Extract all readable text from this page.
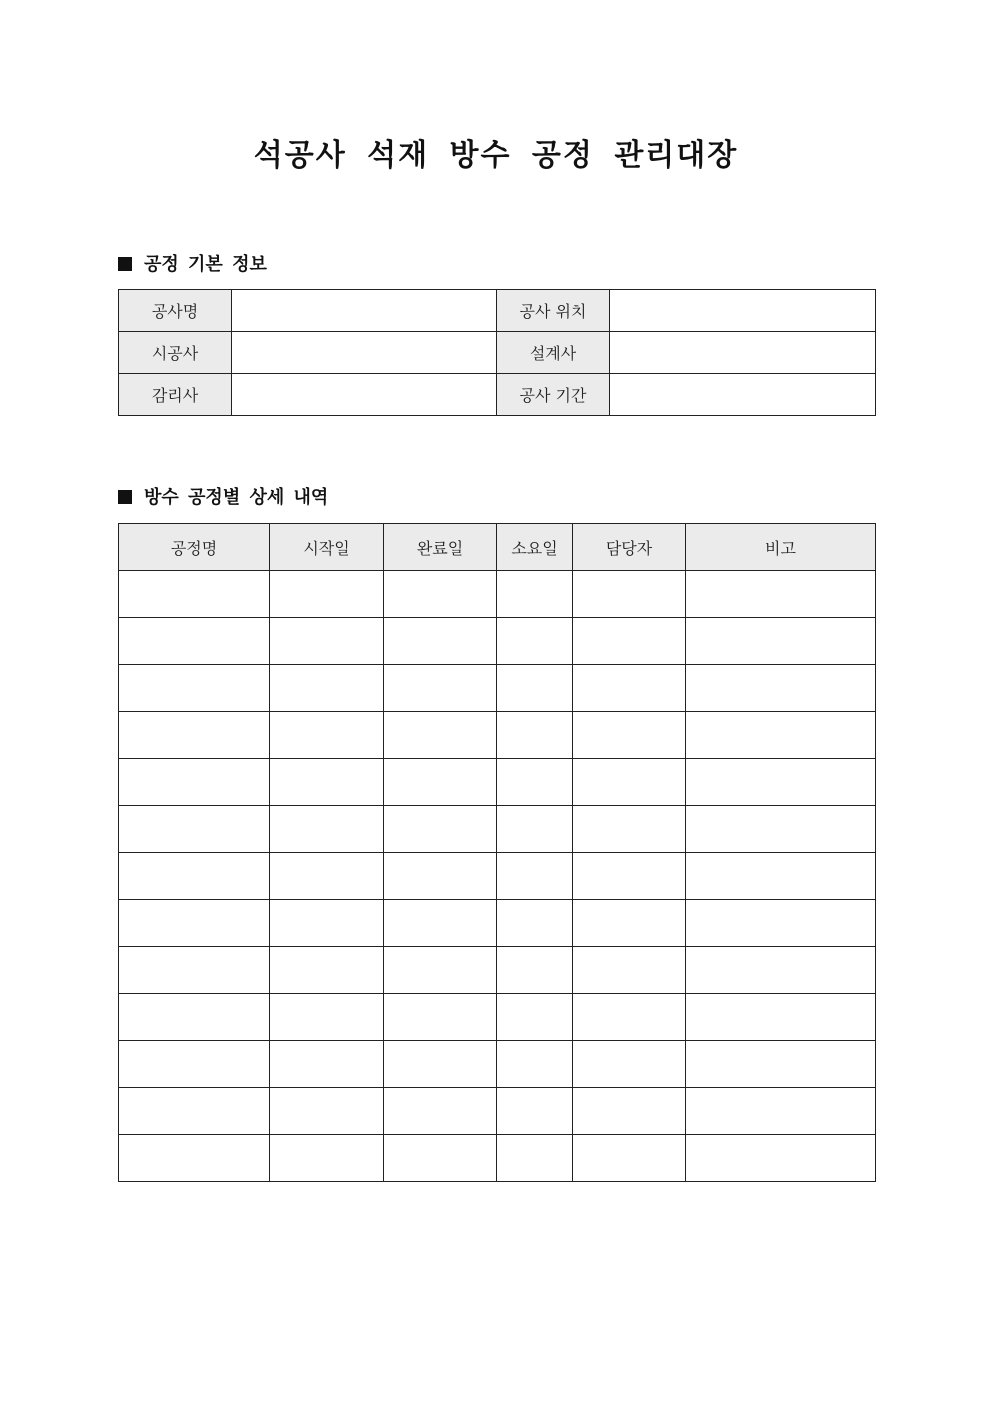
석공사 석재 방수 공정 관리대장
공정 기본 정보
공사명		공사 위치	
시공사		설계사	
감리사		공사 기간	
방수 공정별 상세 내역
공정명	시작일	완료일	소요일	담당자	비고
